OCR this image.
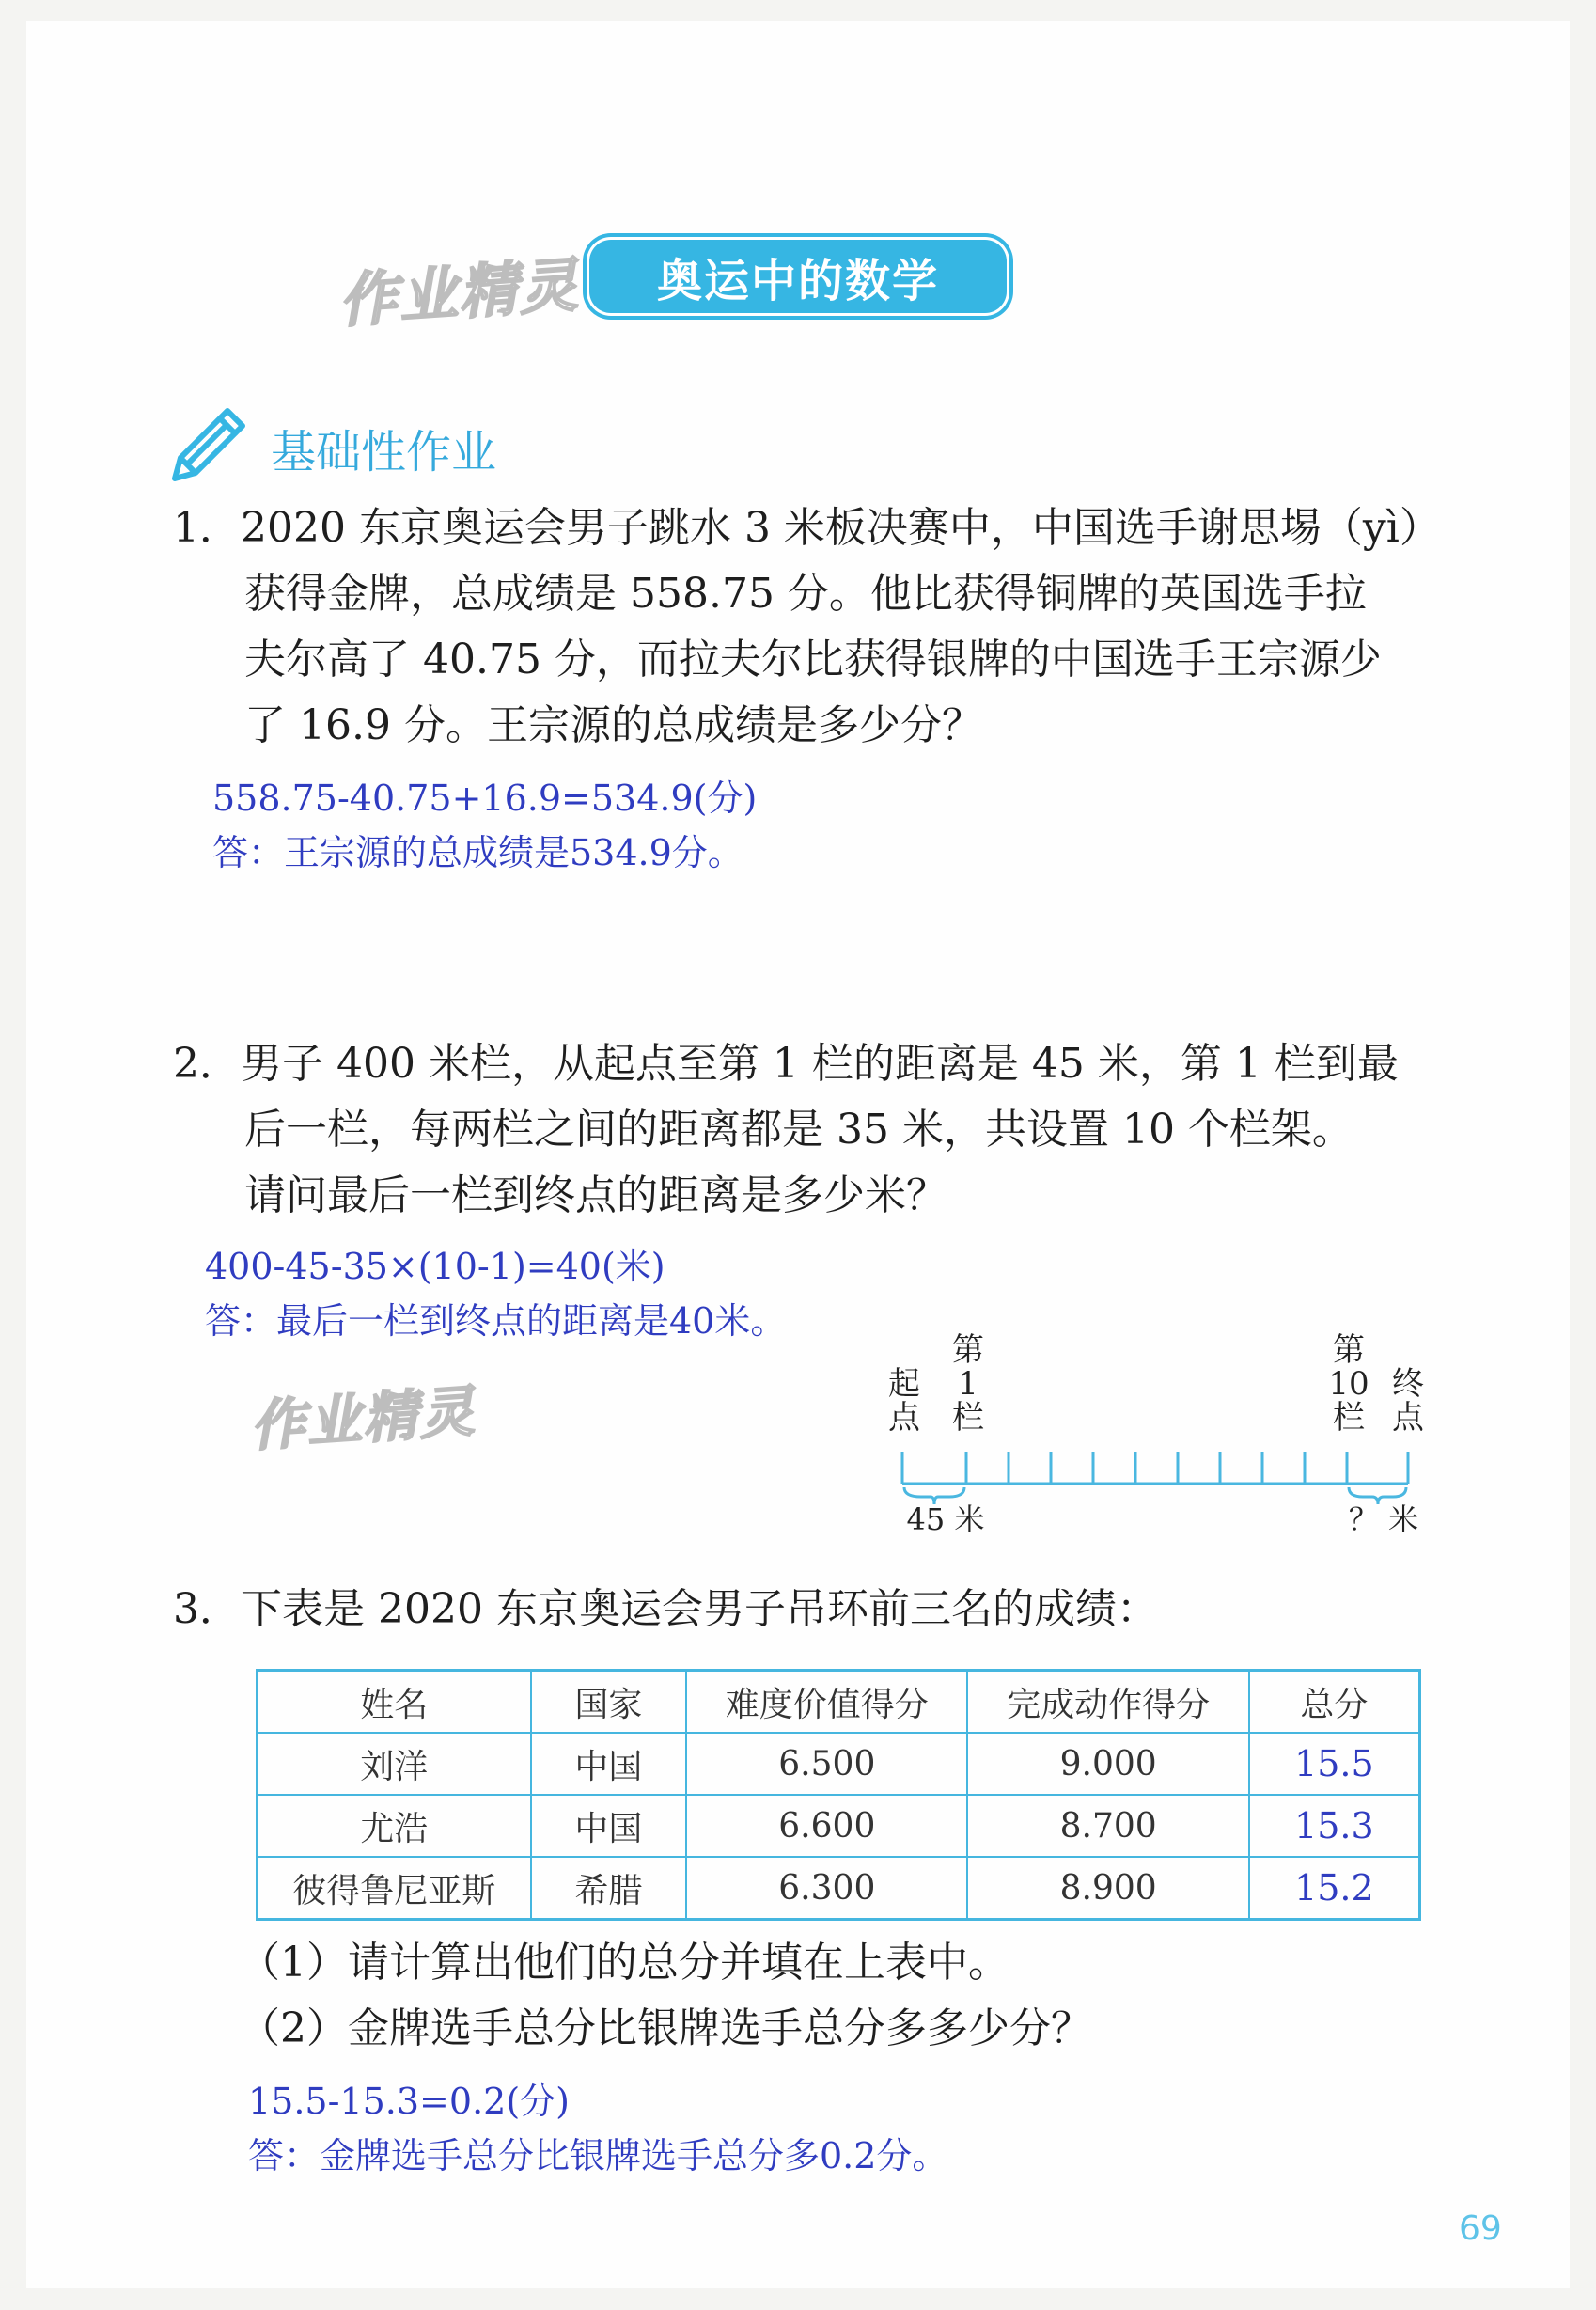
作业精灵 奥运中的数学
基础性作业
1．2020 东京奥运会男子跳水 3 米板决赛中，中国选手谢思埸（yì）
获得金牌，总成绩是 558.75 分。他比获得铜牌的英国选手拉
夫尔高了 40.75 分，而拉夫尔比获得银牌的中国选手王宗源少
了 16.9 分。王宗源的总成绩是多少分？
558.75-40.75+16.9=534.9(分)
答：王宗源的总成绩是534.9分。
2．男子 400 米栏，从起点至第 1 栏的距离是 45 米，第 1 栏到最
后一栏，每两栏之间的距离都是 35 米，共设置 10 个栏架。
请问最后一栏到终点的距离是多少米？
400-45-35×(10-1)=40(米)
答：最后一栏到终点的距离是40米。
作业精灵	起
点
第
1
栏
第
10
栏
终
点
45 米	？ 米
3．下表是 2020 东京奥运会男子吊环前三名的成绩：
姓名	国家	难度价值得分	完成动作得分	总分
刘洋	中国	6.500	9.000	15.5
尤浩	中国	6.600	8.700	15.3
彼得鲁尼亚斯	希腊	6.300	8.900	15.2
（1）请计算出他们的总分并填在上表中。
（2）金牌选手总分比银牌选手总分多多少分？
15.5-15.3=0.2(分)
答：金牌选手总分比银牌选手总分多0.2分。
69
